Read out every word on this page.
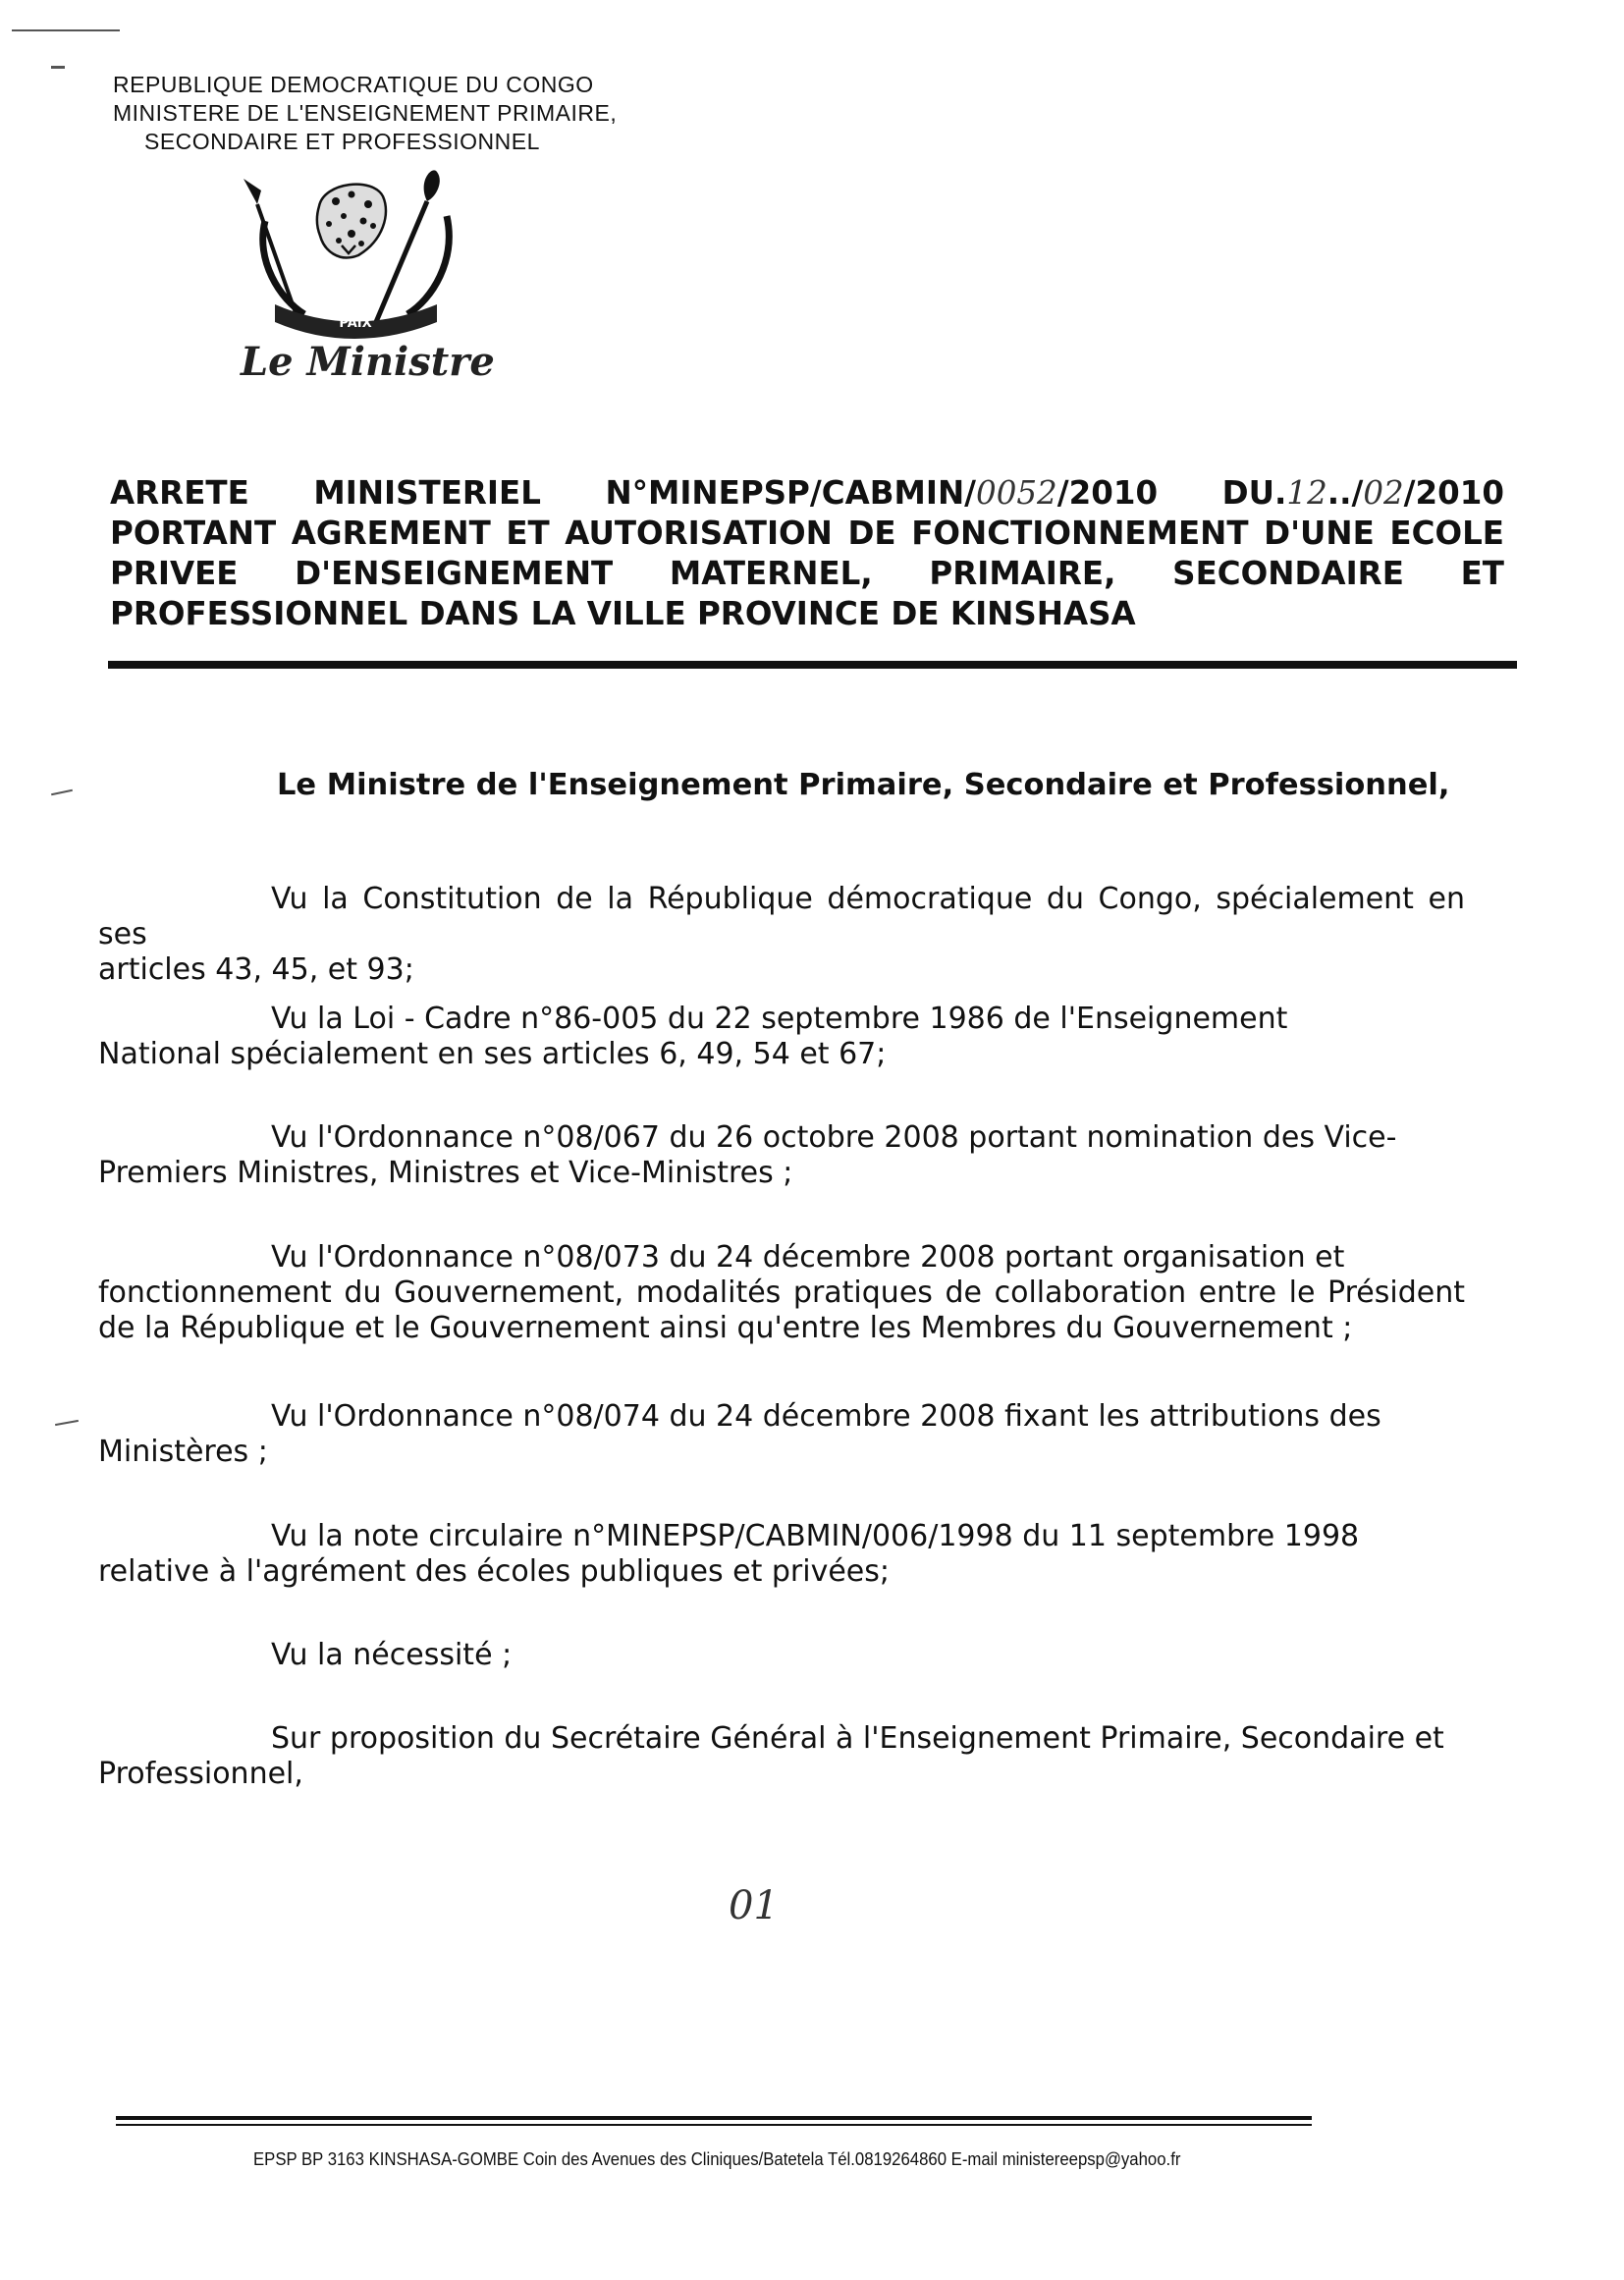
REPUBLIQUE DEMOCRATIQUE DU CONGO
MINISTERE DE L'ENSEIGNEMENT PRIMAIRE,
SECONDAIRE ET PROFESSIONNEL
PAIX
Le Ministre
ARRETE MINISTERIEL N°MINEPSP/CABMIN/0052/2010 DU.12../02/2010
PORTANT AGREMENT ET AUTORISATION DE FONCTIONNEMENT D'UNE ECOLE
PRIVEE D'ENSEIGNEMENT MATERNEL, PRIMAIRE, SECONDAIRE ET
PROFESSIONNEL DANS LA VILLE PROVINCE DE KINSHASA
Le Ministre de l'Enseignement Primaire, Secondaire et Professionnel,

Vu la Constitution de la République démocratique du Congo, spécialement en ses
articles 43, 45, et 93;

Vu la Loi - Cadre n°86-005 du 22 septembre 1986 de l'Enseignement
National spécialement en ses articles 6, 49, 54 et 67;

Vu l'Ordonnance n°08/067 du 26 octobre 2008 portant nomination des Vice-
Premiers Ministres, Ministres et Vice-Ministres ;

Vu l'Ordonnance n°08/073 du 24 décembre 2008 portant organisation et
fonctionnement du Gouvernement, modalités pratiques de collaboration entre le Président de la République et le Gouvernement ainsi qu'entre les Membres du Gouvernement ;

Vu l'Ordonnance n°08/074 du 24 décembre 2008 fixant les attributions des
Ministères ;

Vu la note circulaire n°MINEPSP/CABMIN/006/1998 du 11 septembre 1998
relative à l'agrément des écoles publiques et privées;

Vu la nécessité ;

Sur proposition du Secrétaire Général à l'Enseignement Primaire, Secondaire et
Professionnel,

01
EPSP BP 3163 KINSHASA-GOMBE Coin des Avenues des Cliniques/Batetela Tél.0819264860 E-mail ministereepsp@yahoo.fr
